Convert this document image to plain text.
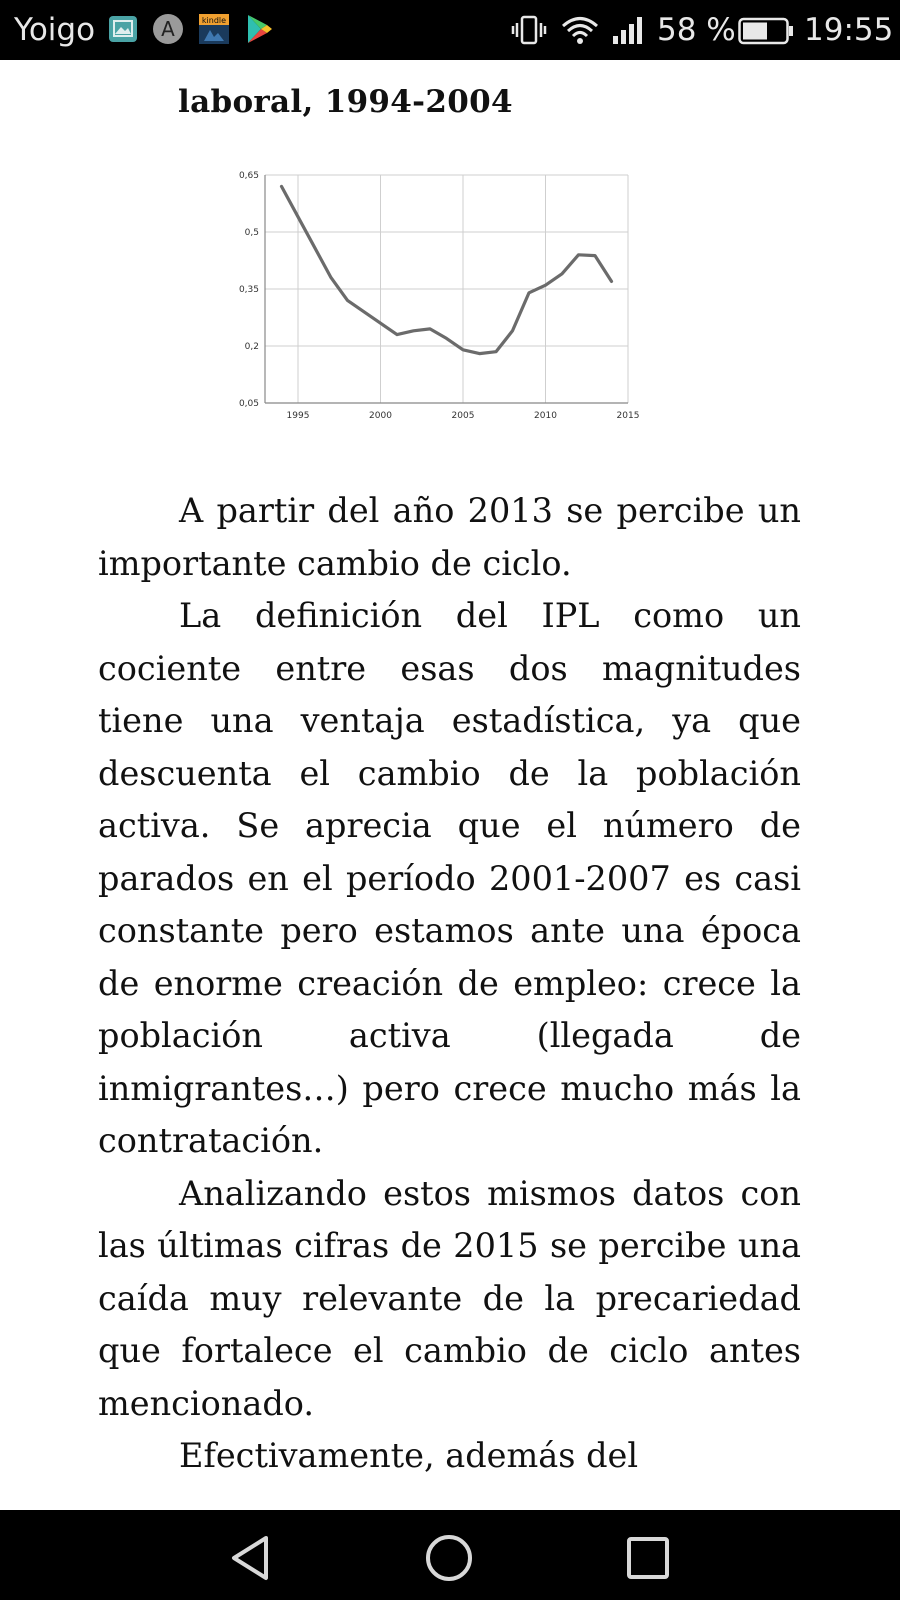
Yoigo	A	kindle	58 % 19:55
laboral, 1994-2004
0,05
0,2
0,35
0,5
0,65
1995	2000	2005	2010	2015

A partir del año 2013 se percibe un importante cambio de ciclo.

La definición del IPL como un cociente entre esas dos magnitudes tiene una ventaja estadística, ya que descuenta el cambio de la población activa. Se aprecia que el número de parados en el período 2001-2007 es casi constante pero estamos ante una época de enorme creación de empleo: crece la población activa (llegada de inmigrantes…) pero crece mucho más la contratación.

Analizando estos mismos datos con las últimas cifras de 2015 se percibe una caída muy relevante de la precariedad que fortalece el cambio de ciclo antes mencionado.

Efectivamente, además del
